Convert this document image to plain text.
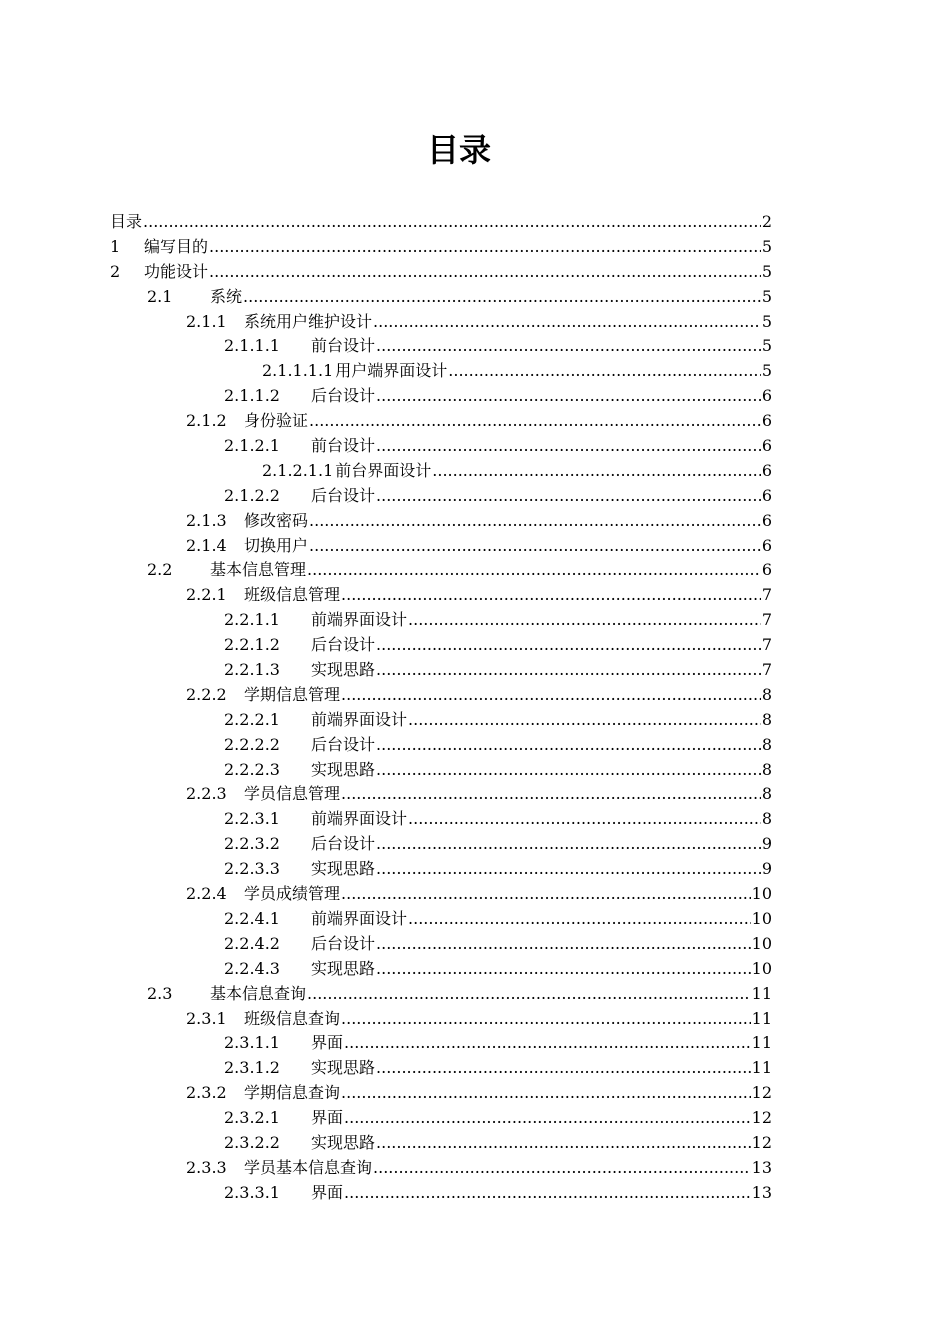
目录
目录 .....	2
1	编写目的 .....	5
2	功能设计 .....	5
2.1	系统 .....	5
2.1.1	系统用户维护设计 .....	5
2.1.1.1	前台设计 .....	5
2.1.1.1.1 用户端界面设计 .....	5
2.1.1.2	后台设计 .....	6
2.1.2	身份验证 .....	6
2.1.2.1	前台设计 .....	6
2.1.2.1.1 前台界面设计 .....	6
2.1.2.2	后台设计 .....	6
2.1.3	修改密码 .....	6
2.1.4	切换用户 .....	6
2.2	基本信息管理 .....	6
2.2.1	班级信息管理 .....	7
2.2.1.1	前端界面设计 .....	7
2.2.1.2	后台设计 .....	7
2.2.1.3	实现思路 .....	7
2.2.2	学期信息管理 .....	8
2.2.2.1	前端界面设计 .....	8
2.2.2.2	后台设计 .....	8
2.2.2.3	实现思路 .....	8
2.2.3	学员信息管理 .....	8
2.2.3.1	前端界面设计 .....	8
2.2.3.2	后台设计 .....	9
2.2.3.3	实现思路 .....	9
2.2.4	学员成绩管理 .....	10
2.2.4.1	前端界面设计 .....	10
2.2.4.2	后台设计 .....	10
2.2.4.3	实现思路 .....	10
2.3	基本信息查询 .....	11
2.3.1	班级信息查询 .....	11
2.3.1.1	界面 .....	11
2.3.1.2	实现思路 .....	11
2.3.2	学期信息查询 .....	12
2.3.2.1	界面 .....	12
2.3.2.2	实现思路 .....	12
2.3.3	学员基本信息查询 .....	13
2.3.3.1	界面 .....	13
